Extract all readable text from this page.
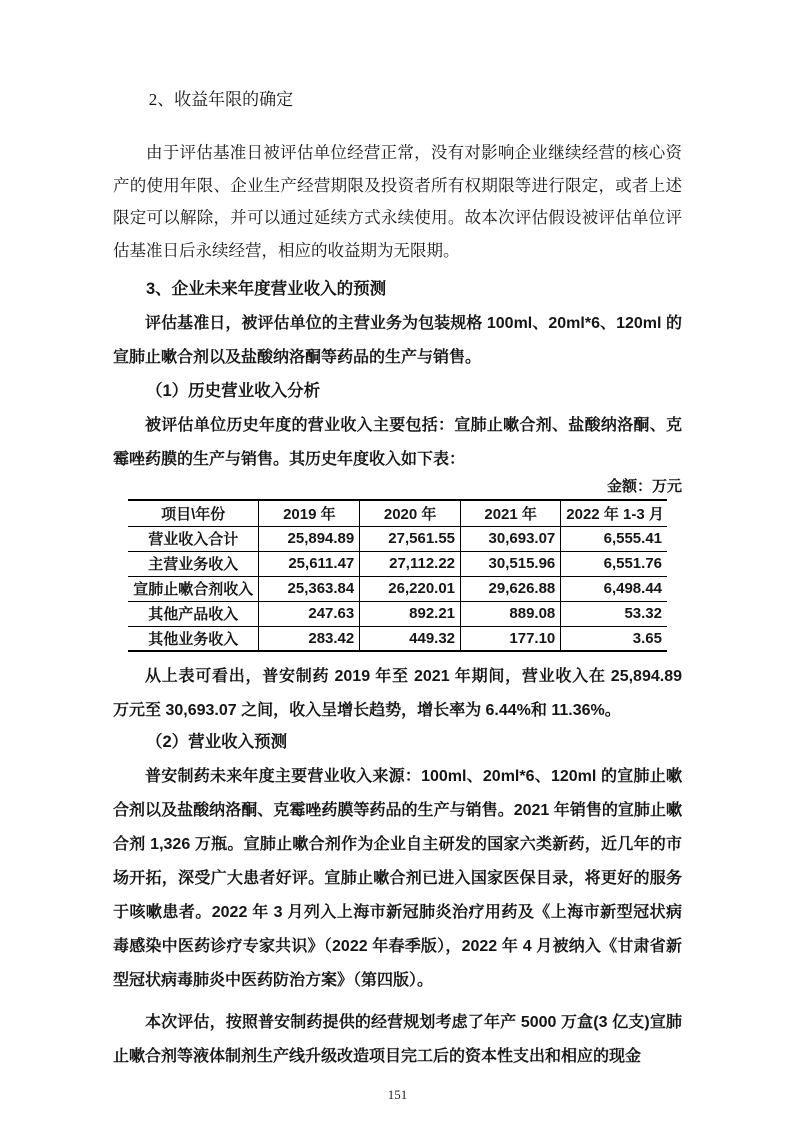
2、收益年限的确定

由于评估基准日被评估单位经营正常，没有对影响企业继续经营的核心资产的使用年限、企业生产经营期限及投资者所有权期限等进行限定，或者上述限定可以解除，并可以通过延续方式永续使用。故本次评估假设被评估单位评估基准日后永续经营，相应的收益期为无限期。

3、企业未来年度营业收入的预测

评估基准日，被评估单位的主营业务为包装规格 100ml、20ml*6、120ml 的宣肺止嗽合剂以及盐酸纳洛酮等药品的生产与销售。

（1）历史营业收入分析

被评估单位历史年度的营业收入主要包括：宣肺止嗽合剂、盐酸纳洛酮、克霉唑药膜的生产与销售。其历史年度收入如下表：

金额：万元
项目\年份	2019 年	2020 年	2021 年	2022 年 1-3 月
营业收入合计	25,894.89	27,561.55	30,693.07	6,555.41
主营业务收入	25,611.47	27,112.22	30,515.96	6,551.76
宣肺止嗽合剂收入	25,363.84	26,220.01	29,626.88	6,498.44
其他产品收入	247.63	892.21	889.08	53.32
其他业务收入	283.42	449.32	177.10	3.65

从上表可看出，普安制药 2019 年至 2021 年期间，营业收入在 25,894.89 万元至 30,693.07 之间，收入呈增长趋势，增长率为 6.44%和 11.36%。

（2）营业收入预测

普安制药未来年度主要营业收入来源：100ml、20ml*6、120ml 的宣肺止嗽合剂以及盐酸纳洛酮、克霉唑药膜等药品的生产与销售。2021 年销售的宣肺止嗽合剂 1,326 万瓶。宣肺止嗽合剂作为企业自主研发的国家六类新药，近几年的市场开拓，深受广大患者好评。宣肺止嗽合剂已进入国家医保目录，将更好的服务于咳嗽患者。2022 年 3 月列入上海市新冠肺炎治疗用药及《上海市新型冠状病毒感染中医药诊疗专家共识》（2022 年春季版），2022 年 4 月被纳入《甘肃省新型冠状病毒肺炎中医药防治方案》（第四版）。

本次评估，按照普安制药提供的经营规划考虑了年产 5000 万盒(3 亿支)宣肺止嗽合剂等液体制剂生产线升级改造项目完工后的资本性支出和相应的现金

151
